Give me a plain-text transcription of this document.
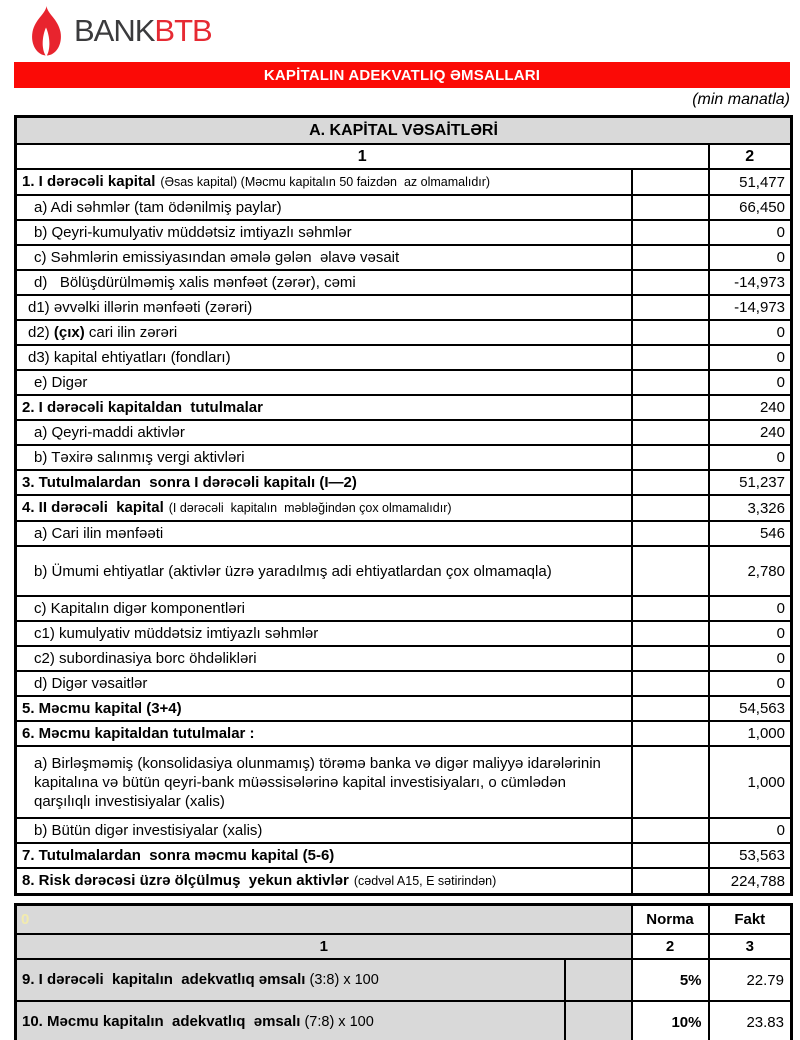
BANKBTB
KAPİTALIN ADEKVATLIQ ƏMSALLARI
(min manatla)
A. KAPİTAL VƏSAİTLƏRİ		
1		2
1. I dərəcəli kapital (Əsas kapital) (Məcmu kapitalın 50 faizdən  az olmamalıdır)		51,477
a) Adi səhmlər (tam ödənilmiş paylar)		66,450
b) Qeyri-kumulyativ müddətsiz imtiyazlı səhmlər		0
c) Səhmlərin emissiyasından əmələ gələn  əlavə vəsait		0
d)   Bölüşdürülməmiş xalis mənfəət (zərər), cəmi		-14,973
d1) əvvəlki illərin mənfəəti (zərəri)		-14,973
d2) (çıx) cari ilin zərəri		0
d3) kapital ehtiyatları (fondları)		0
e) Digər		0
2. I dərəcəli kapitaldan  tutulmalar		240
a) Qeyri-maddi aktivlər		240
b) Təxirə salınmış vergi aktivləri		0
3. Tutulmalardan  sonra I dərəcəli kapitalı (I—2)		51,237
4. II dərəcəli  kapital (I dərəcəli  kapitalın  məbləğindən çox olmamalıdır)		3,326
a) Cari ilin mənfəəti		546

b) Ümumi ehtiyatlar (aktivlər üzrə yaradılmış adi ehtiyatlardan çox olmamaqla)		2,780
c) Kapitalın digər komponentləri		0
c1) kumulyativ müddətsiz imtiyazlı səhmlər		0
c2) subordinasiya borc öhdəlikləri		0
d) Digər vəsaitlər		0
5. Məcmu kapital (3+4)		54,563
6. Məcmu kapitaldan tutulmalar :		1,000

a) Birləşməmiş (konsolidasiya olunmamış) törəmə banka və digər maliyyə idarələrinin kapitalına və bütün qeyri-bank müəssisələrinə kapital investisiyaları, o cümlədən qarşılıqlı investisiyalar (xalis)		1,000
b) Bütün digər investisiyalar (xalis)		0
7. Tutulmalardan  sonra məcmu kapital (5-6)		53,563
8. Risk dərəcəsi üzrə ölçülmuş  yekun aktivlər (cədvəl A15, E sətirindən)		224,788
0		Norma	Fakt
1		2	3
9. I dərəcəli  kapitalın  adekvatlıq əmsalı (3:8) x 100		5%	22.79
10. Məcmu kapitalın  adekvatlıq  əmsalı (7:8) x 100		10%	23.83
